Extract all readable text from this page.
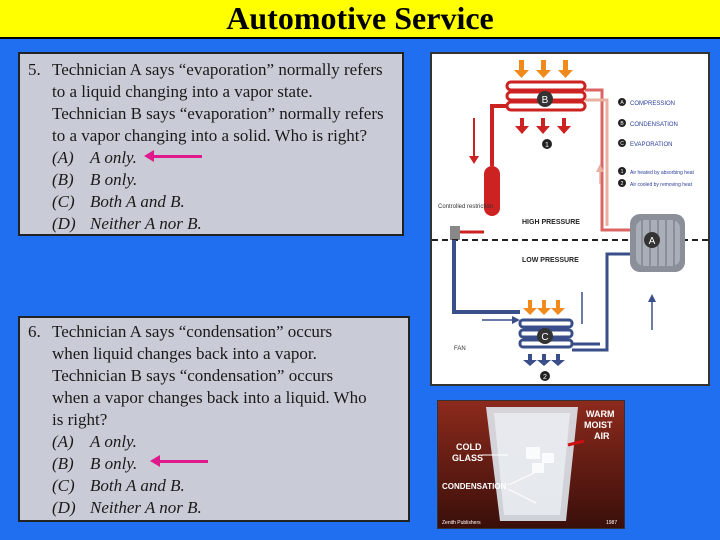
Automotive Service
5. Technician A says “evaporation” normally refers
to a liquid changing into a vapor state.
Technician B says “evaporation” normally refers
to a vapor changing into a solid. Who is right?
(A) A only.
(B) B only.
(C) Both A and B.
(D) Neither A nor B.
6. Technician A says “condensation” occurs
when liquid changes back into a vapor.
Technician B says “condensation” occurs
when a vapor changes back into a liquid. Who
is right?
(A) A only.
(B) B only.
(C) Both A and B.
(D) Neither A nor B.
B
1
Controlled restriction
HIGH PRESSURE
LOW PRESSURE
A
C
2
FAN
A COMPRESSION
B CONDENSATION
C EVAPORATION
1 Air heated by absorbing heat
2 Air cooled by removing heat
WARM
MOIST
AIR
COLD
GLASS
CONDENSATION
Zenith Publishers	1987
